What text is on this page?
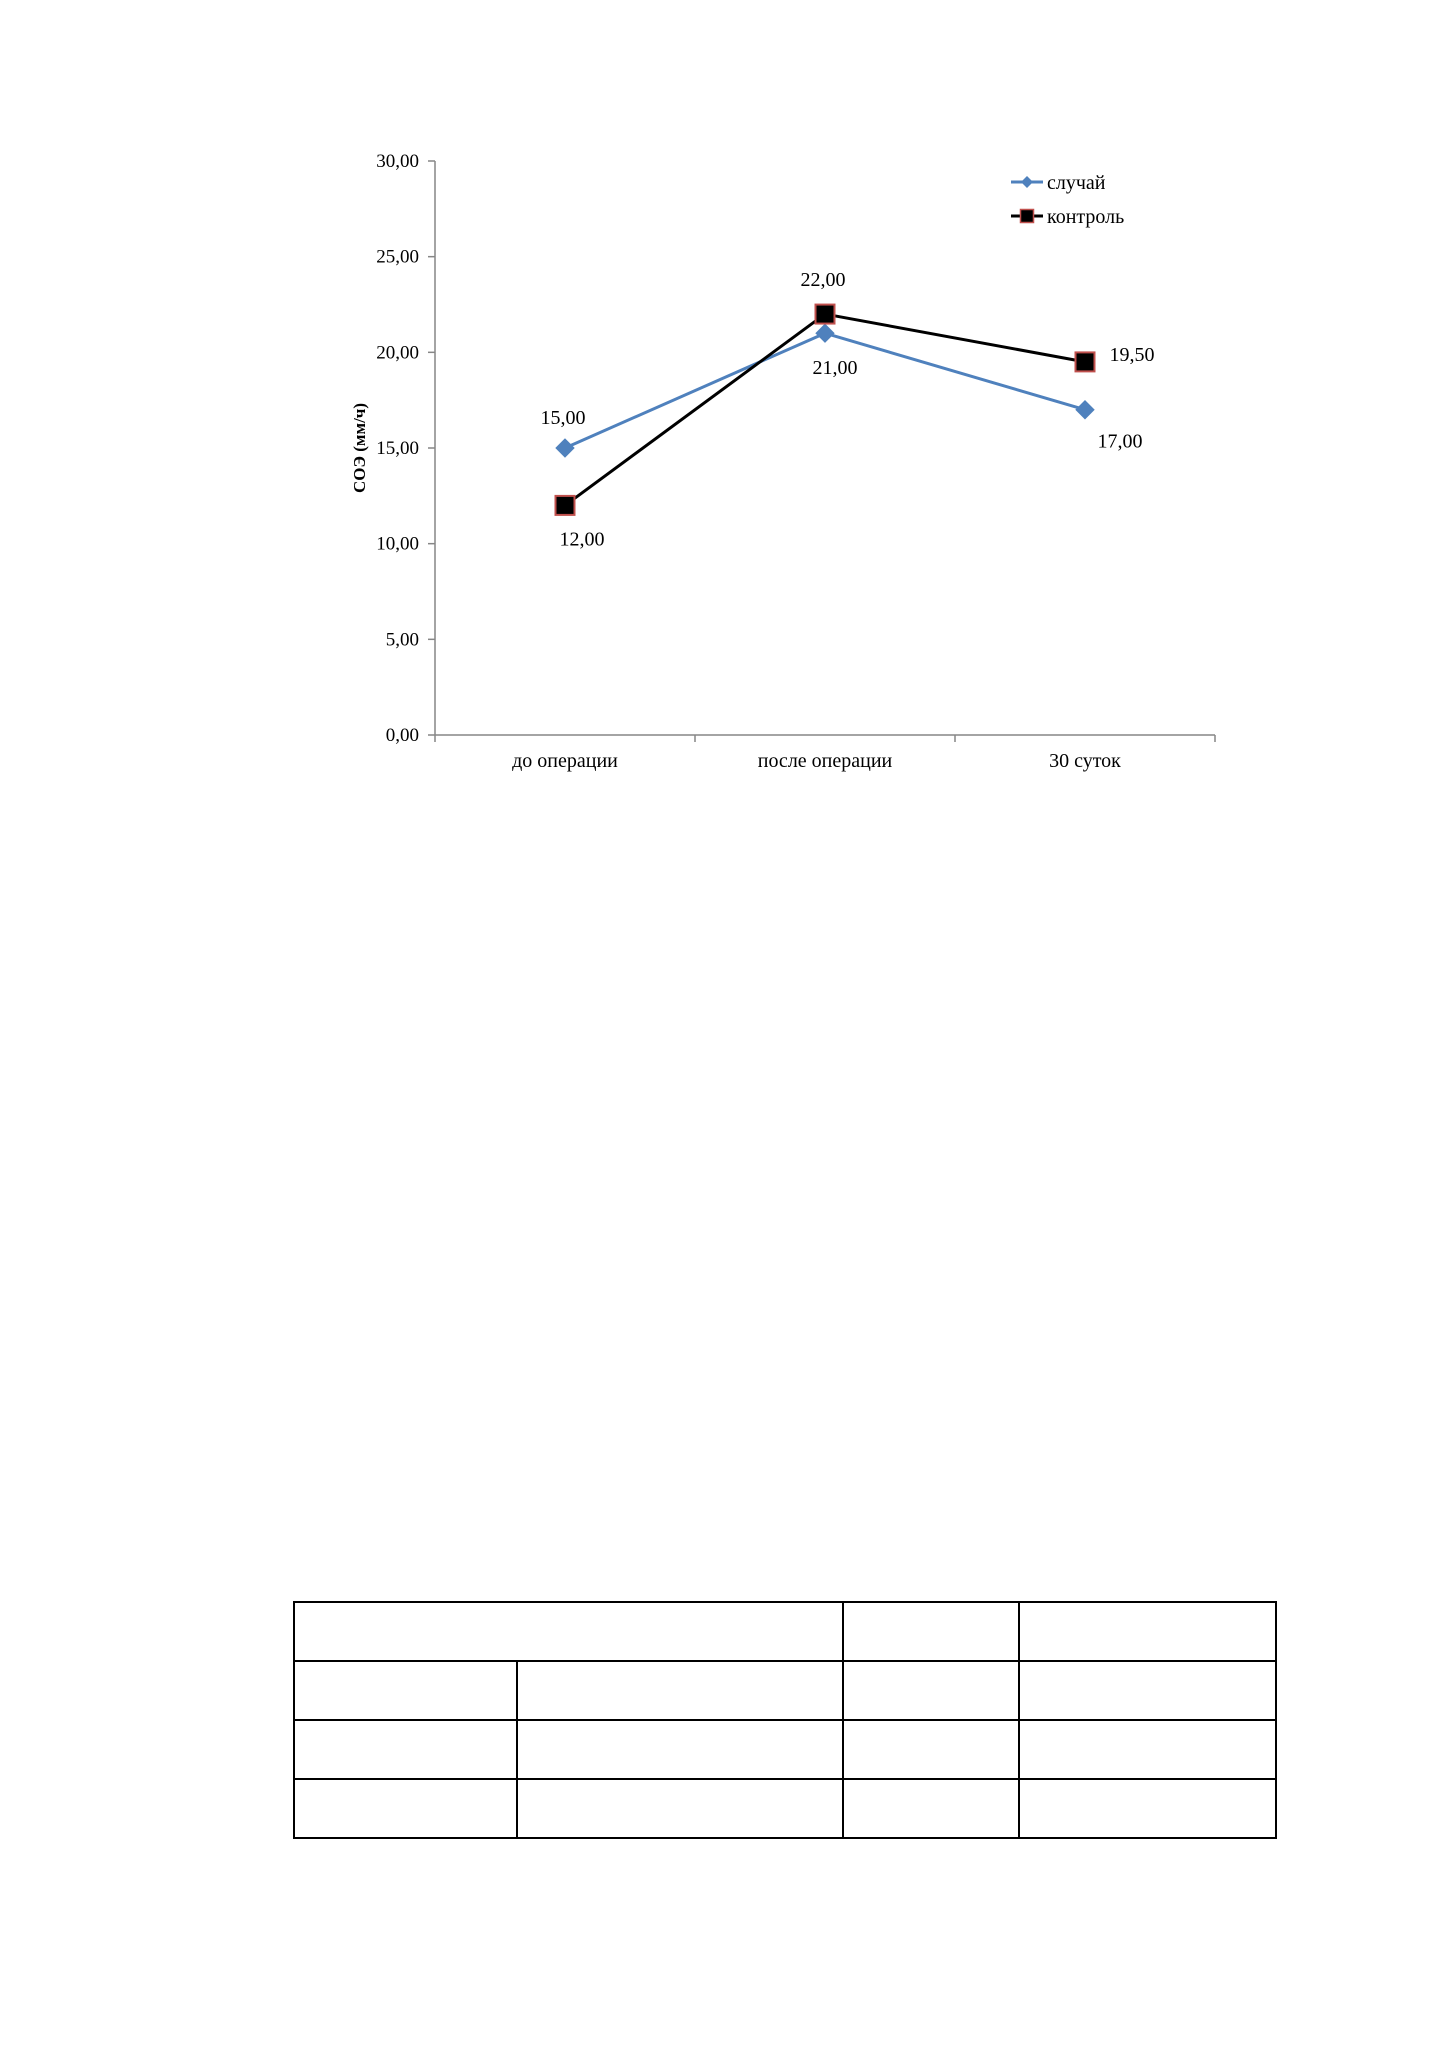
0,00
5,00
10,00
15,00
20,00
25,00
30,00
до операции	после операции	30 суток
СОЭ (мм/ч)	15,00
21,00
17,00
12,00
22,00
19,50
случай
контроль
